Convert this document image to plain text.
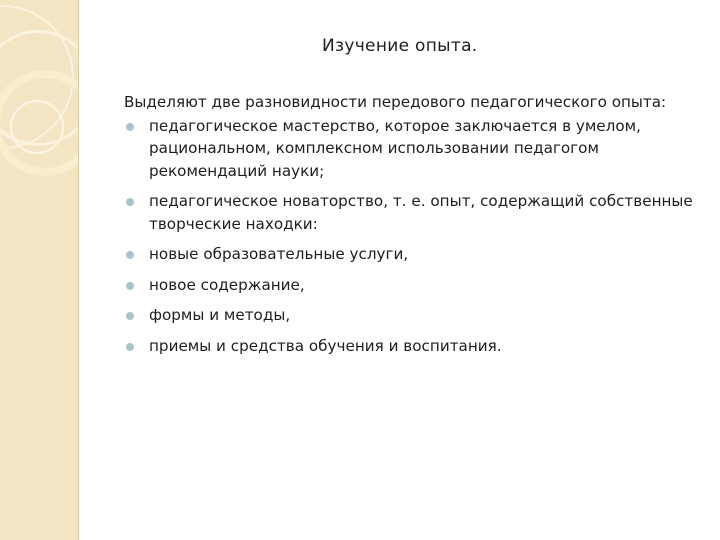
Изучение опыта.

Выделяют две разновидности передового педагогического опыта:

педагогическое мастерство, которое заключается в умелом, рациональном, комплексном использовании педагогом рекомендаций науки;
педагогическое новаторство, т. е. опыт, содержащий собственные творческие находки:
новые образовательные услуги,
новое содержание,
формы и методы,
приемы и средства обучения и воспитания.
